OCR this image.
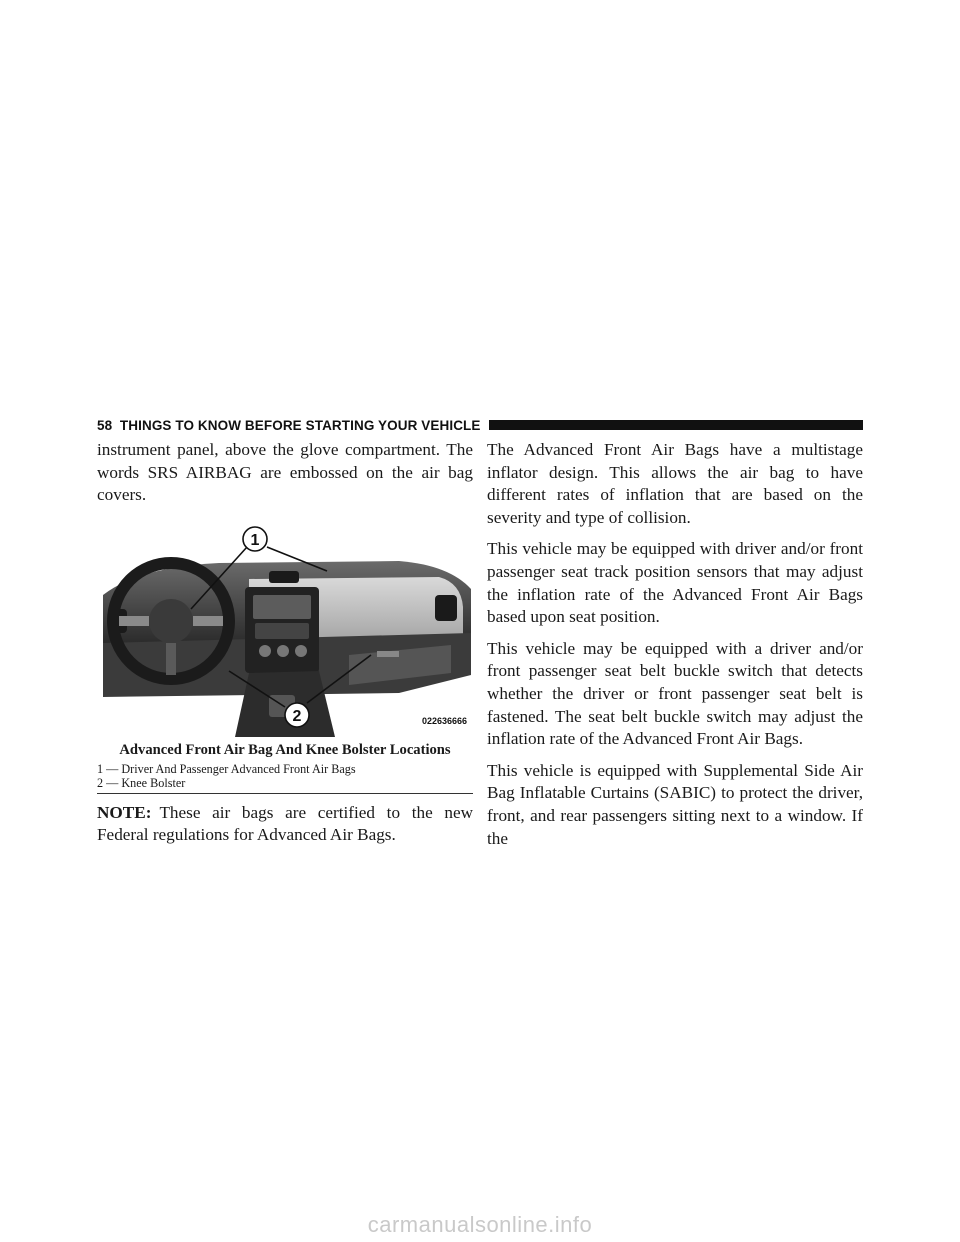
58 THINGS TO KNOW BEFORE STARTING YOUR VEHICLE

instrument panel, above the glove compartment. The words SRS AIRBAG are embossed on the air bag covers.

1
2	022636666
Advanced Front Air Bag And Knee Bolster Locations
1 — Driver And Passenger Advanced Front Air Bags
2 — Knee Bolster

NOTE: These air bags are certified to the new Federal regulations for Advanced Air Bags.

The Advanced Front Air Bags have a multistage inflator design. This allows the air bag to have different rates of inflation that are based on the severity and type of collision.

This vehicle may be equipped with driver and/or front passenger seat track position sensors that may adjust the inflation rate of the Advanced Front Air Bags based upon seat position.

This vehicle may be equipped with a driver and/or front passenger seat belt buckle switch that detects whether the driver or front passenger seat belt is fastened. The seat belt buckle switch may adjust the inflation rate of the Advanced Front Air Bags.

This vehicle is equipped with Supplemental Side Air Bag Inflatable Curtains (SABIC) to protect the driver, front, and rear passengers sitting next to a window. If the

carmanualsonline.info
